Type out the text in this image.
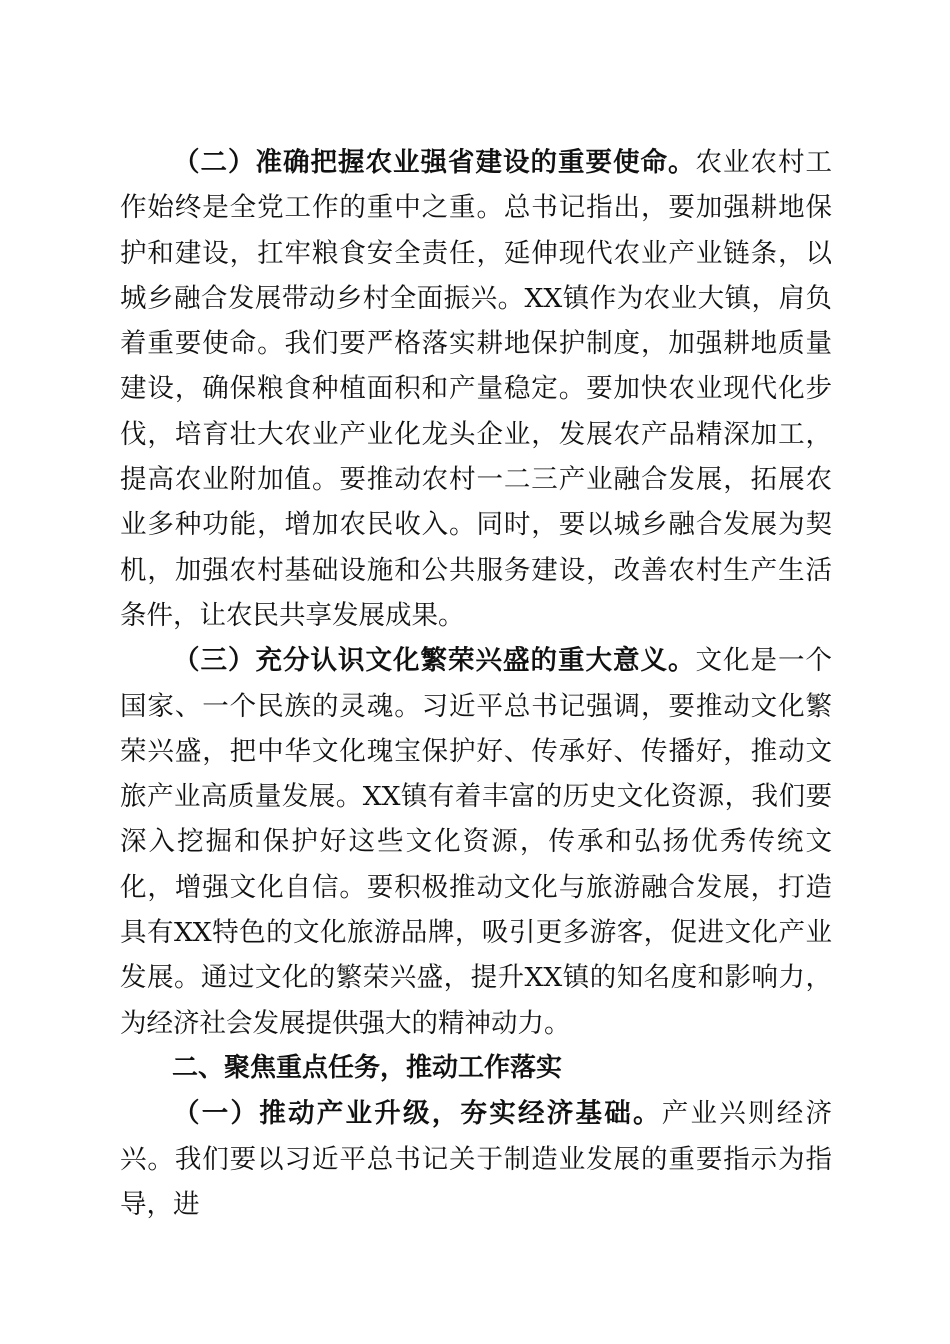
（二）准确把握农业强省建设的重要使命。农业农村工作始终是全党工作的重中之重。总书记指出，要加强耕地保护和建设，扛牢粮食安全责任，延伸现代农业产业链条，以城乡融合发展带动乡村全面振兴。XX镇作为农业大镇，肩负着重要使命。我们要严格落实耕地保护制度，加强耕地质量建设，确保粮食种植面积和产量稳定。要加快农业现代化步伐，培育壮大农业产业化龙头企业，发展农产品精深加工，提高农业附加值。要推动农村一二三产业融合发展，拓展农业多种功能，增加农民收入。同时，要以城乡融合发展为契机，加强农村基础设施和公共服务建设，改善农村生产生活条件，让农民共享发展成果。

（三）充分认识文化繁荣兴盛的重大意义。文化是一个国家、一个民族的灵魂。习近平总书记强调，要推动文化繁荣兴盛，把中华文化瑰宝保护好、传承好、传播好，推动文旅产业高质量发展。XX镇有着丰富的历史文化资源，我们要深入挖掘和保护好这些文化资源，传承和弘扬优秀传统文化，增强文化自信。要积极推动文化与旅游融合发展，打造具有XX特色的文化旅游品牌，吸引更多游客，促进文化产业发展。通过文化的繁荣兴盛，提升XX镇的知名度和影响力，为经济社会发展提供强大的精神动力。

二、聚焦重点任务，推动工作落实

（一）推动产业升级，夯实经济基础。产业兴则经济兴。我们要以习近平总书记关于制造业发展的重要指示为指导，进
